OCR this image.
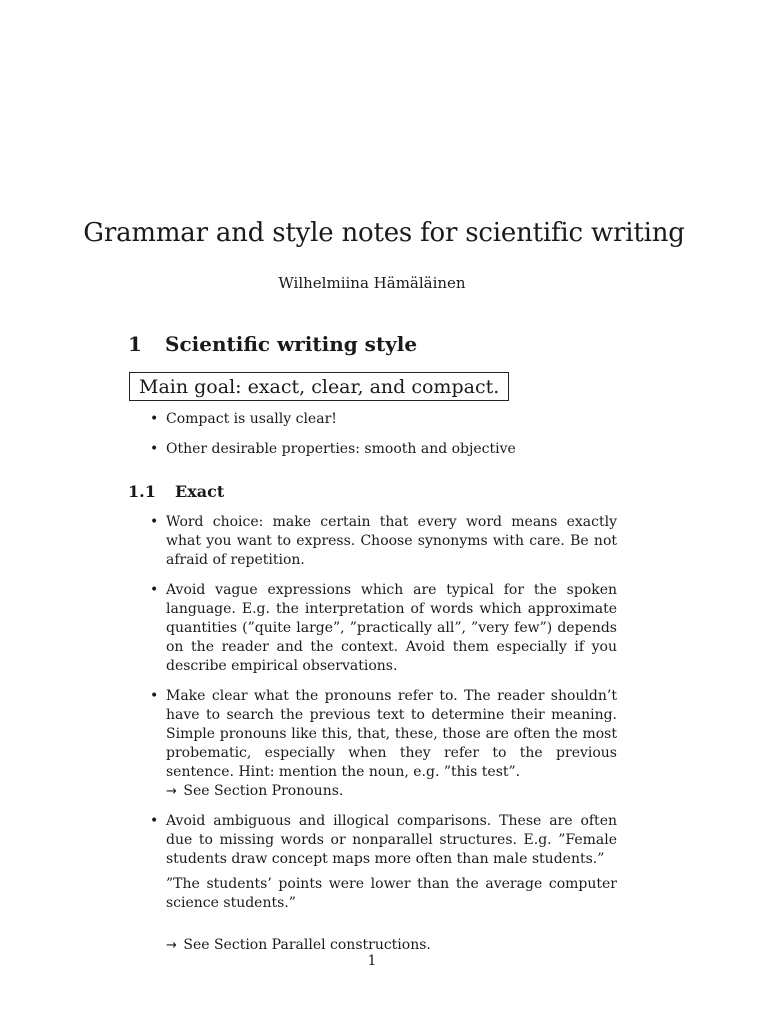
Grammar and style notes for scientific writing

Wilhelmiina Hämäläinen

1 Scientific writing style
Main goal: exact, clear, and compact.
• Compact is usally clear!
• Other desirable properties: smooth and objective
1.1 Exact

• Word choice: make certain that every word means exactly what you want to express. Choose synonyms with care. Be not afraid of repetition.

• Avoid vague expressions which are typical for the spoken language. E.g. the interpretation of words which approximate quantities (”quite large”, ”practically all”, ”very few”) depends on the reader and the context. Avoid them especially if you describe empirical observations.

• Make clear what the pronouns refer to. The reader shouldn’t have to search the previous text to determine their meaning. Simple pronouns like this, that, these, those are often the most probematic, especially when they refer to the previous sentence. Hint: mention the noun, e.g. ”this test”.

→ See Section Pronouns.

• Avoid ambiguous and illogical comparisons. These are often due to missing words or nonparallel structures. E.g. ”Female students draw concept maps more often than male students.”

”The students’ points were lower than the average computer science students.”

→ See Section Parallel constructions.

1
